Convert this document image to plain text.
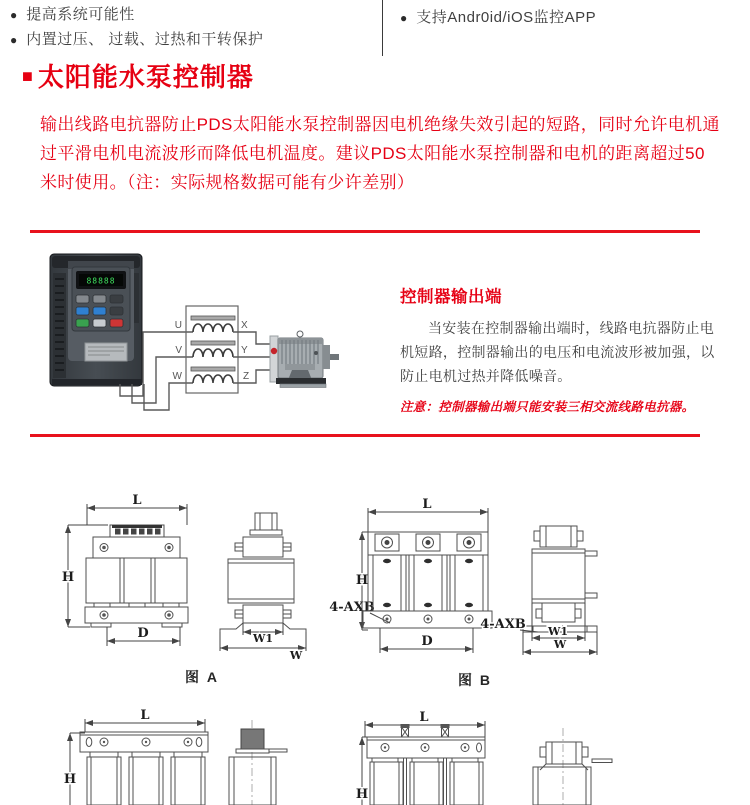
● 提高系统可能性
● 内置过压、 过载、过热和干转保护
● 支持Andr0id/iOS监控APP
■ 太阳能水泵控制器

输出线路电抗器防止PDS太阳能水泵控制器因电机绝缘失效引起的短路，同时允许电机通过平滑电机电流波形而降低电机温度。建议PDS太阳能水泵控制器和电机的距离超过50米时使用。（注：实际规格数据可能有少许差别）

88888
U
V
W
X
Y
Z
控制器输出端

当安装在控制器输出端时，线路电抗器防止电机短路，控制器输出的电压和电流波形被加强，以防止电机过热并降低噪音。

注意：控制器输出端只能安装三相交流线路电抗器。

L
H
D	W1
W
4-AXB
L
H
D
W1
W
4-AXB
L
H
L
H
图 A	图 B
